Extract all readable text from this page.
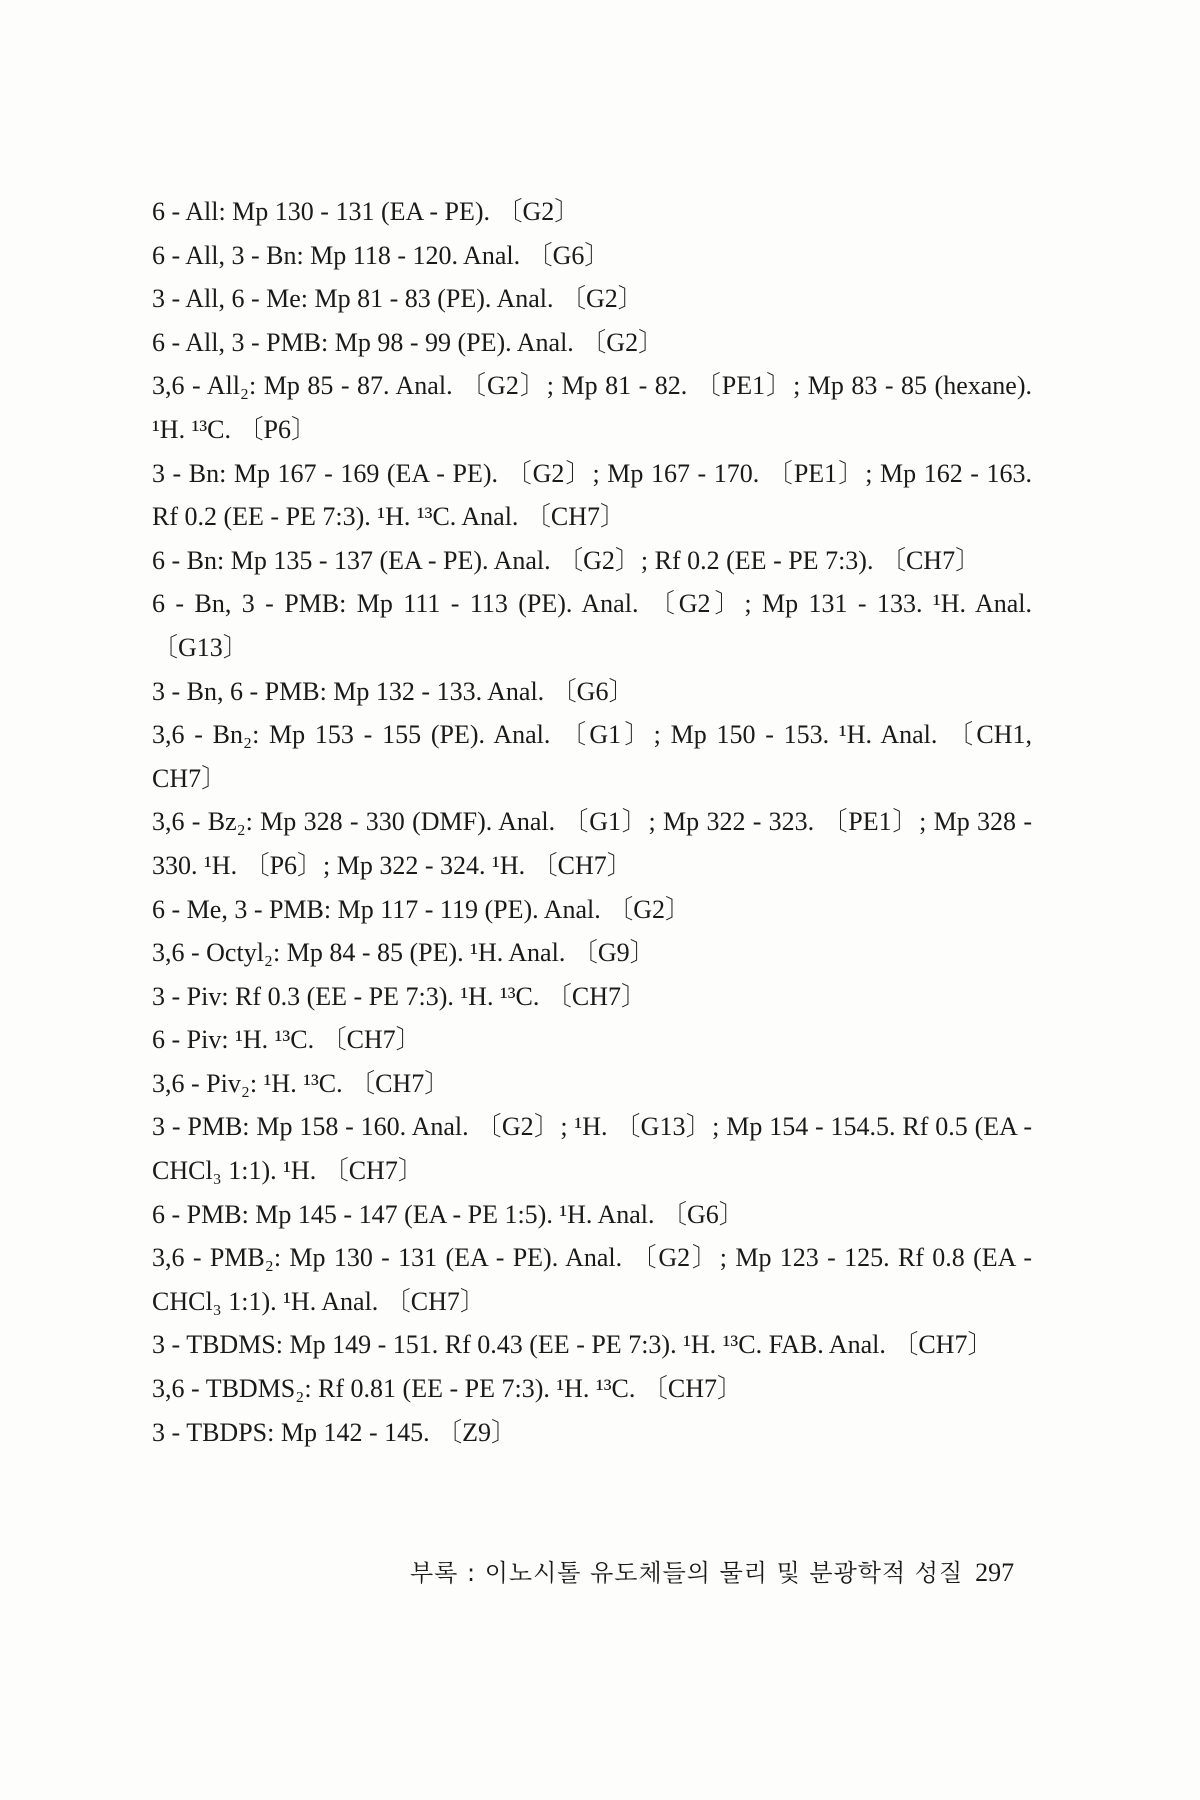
6 - All: Mp 130 - 131 (EA - PE). 〔G2〕

6 - All, 3 - Bn: Mp 118 - 120. Anal. 〔G6〕

3 - All, 6 - Me: Mp 81 - 83 (PE). Anal. 〔G2〕

6 - All, 3 - PMB: Mp 98 - 99 (PE). Anal. 〔G2〕

3,6 - All₂: Mp 85 - 87. Anal. 〔G2〕; Mp 81 - 82. 〔PE1〕; Mp 83 - 85 (hexane). ¹H. ¹³C. 〔P6〕

3 - Bn: Mp 167 - 169 (EA - PE). 〔G2〕; Mp 167 - 170. 〔PE1〕; Mp 162 - 163. Rf 0.2 (EE - PE 7:3). ¹H. ¹³C. Anal. 〔CH7〕

6 - Bn: Mp 135 - 137 (EA - PE). Anal. 〔G2〕; Rf 0.2 (EE - PE 7:3). 〔CH7〕

6 - Bn, 3 - PMB: Mp 111 - 113 (PE). Anal. 〔G2〕; Mp 131 - 133. ¹H. Anal. 〔G13〕

3 - Bn, 6 - PMB: Mp 132 - 133. Anal. 〔G6〕

3,6 - Bn₂: Mp 153 - 155 (PE). Anal. 〔G1〕; Mp 150 - 153. ¹H. Anal. 〔CH1, CH7〕

3,6 - Bz₂: Mp 328 - 330 (DMF). Anal. 〔G1〕; Mp 322 - 323. 〔PE1〕; Mp 328 - 330. ¹H. 〔P6〕; Mp 322 - 324. ¹H. 〔CH7〕

6 - Me, 3 - PMB: Mp 117 - 119 (PE). Anal. 〔G2〕

3,6 - Octyl₂: Mp 84 - 85 (PE). ¹H. Anal. 〔G9〕

3 - Piv: Rf 0.3 (EE - PE 7:3). ¹H. ¹³C. 〔CH7〕

6 - Piv: ¹H. ¹³C. 〔CH7〕

3,6 - Piv₂: ¹H. ¹³C. 〔CH7〕

3 - PMB: Mp 158 - 160. Anal. 〔G2〕; ¹H. 〔G13〕; Mp 154 - 154.5. Rf 0.5 (EA - CHCl₃ 1:1). ¹H. 〔CH7〕

6 - PMB: Mp 145 - 147 (EA - PE 1:5). ¹H. Anal. 〔G6〕

3,6 - PMB₂: Mp 130 - 131 (EA - PE). Anal. 〔G2〕; Mp 123 - 125. Rf 0.8 (EA - CHCl₃ 1:1). ¹H. Anal. 〔CH7〕

3 - TBDMS: Mp 149 - 151. Rf 0.43 (EE - PE 7:3). ¹H. ¹³C. FAB. Anal. 〔CH7〕

3,6 - TBDMS₂: Rf 0.81 (EE - PE 7:3). ¹H. ¹³C. 〔CH7〕

3 - TBDPS: Mp 142 - 145. 〔Z9〕

부록 : 이노시톨 유도체들의 물리 및 분광학적 성질 297
